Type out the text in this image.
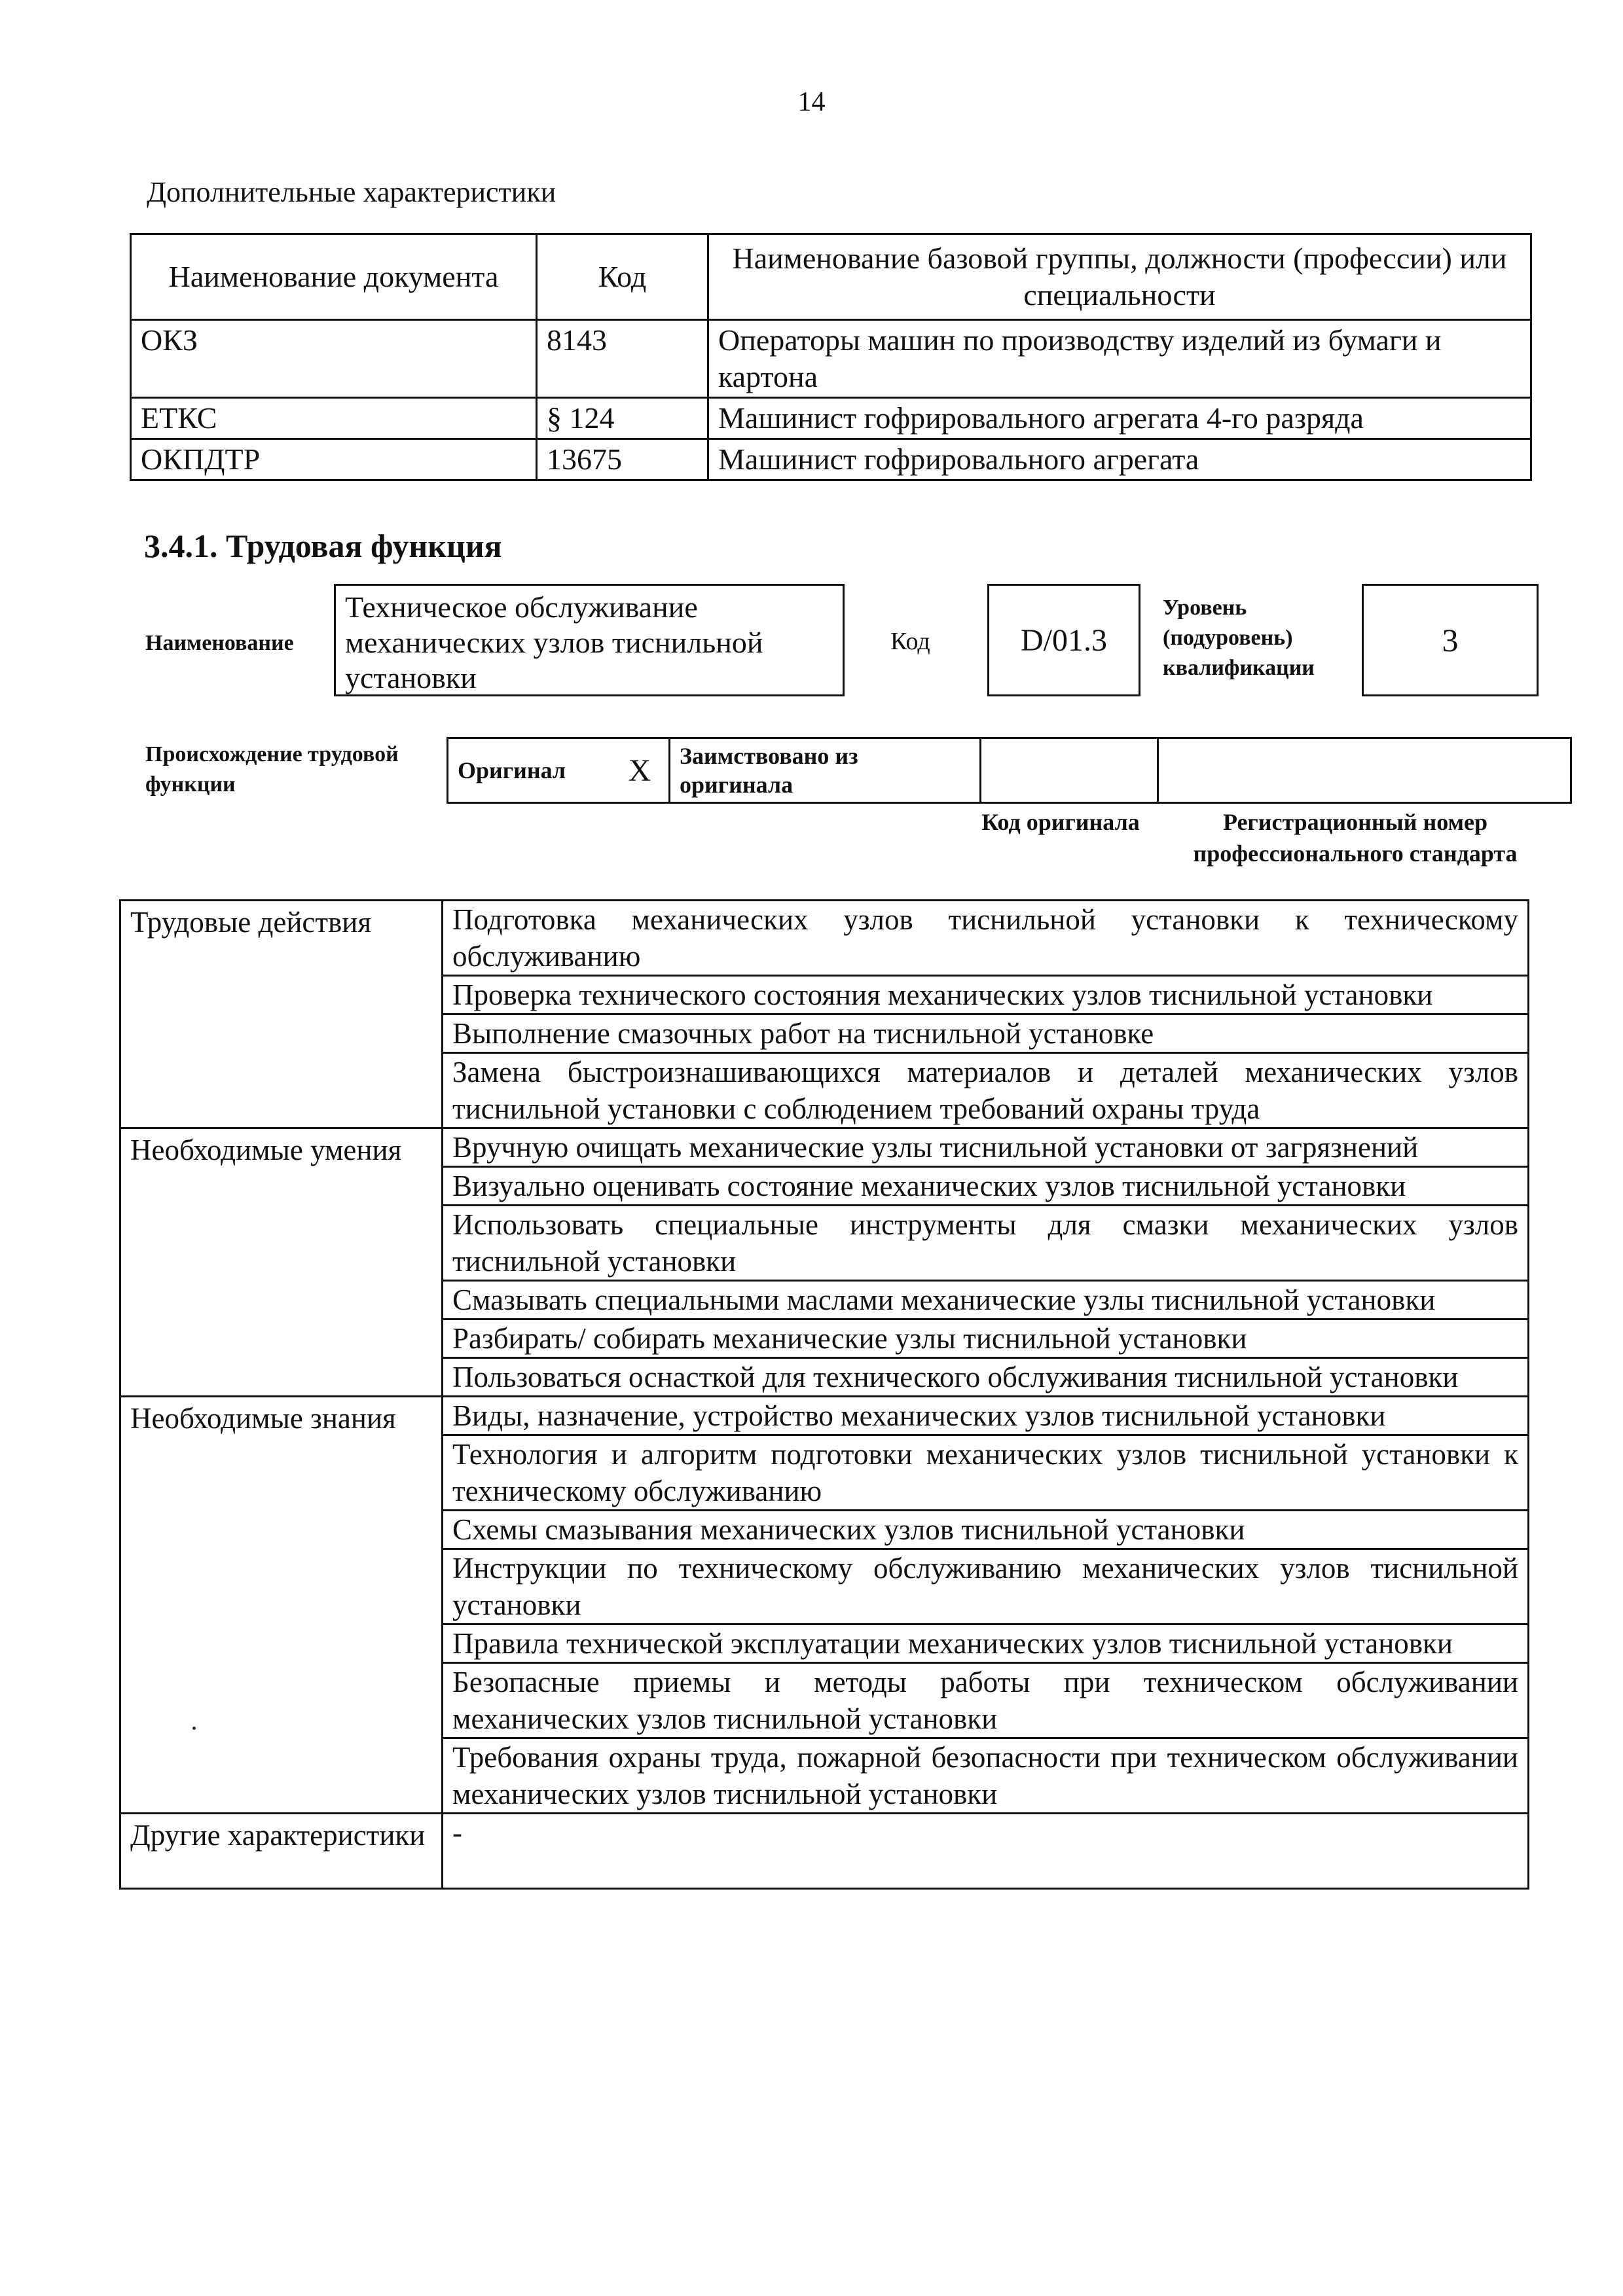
14
Дополнительные характеристики
Наименование документа	Код	Наименование базовой группы, должности (профессии) или специальности
ОКЗ	8143	Операторы машин по производству изделий из бумаги и картона
ЕТКС	§ 124	Машинист гофрировального агрегата 4-го разряда
ОКПДТР	13675	Машинист гофрировального агрегата
3.4.1. Трудовая функция
Наименование
Техническое обслуживание механических узлов тиснильной установки
Код	D/01.3
Уровень (подуровень) квалификации
3
Происхождение трудовой функции
Оригинал	X	Заимствовано из оригинала		
Код оригинала	Регистрационный номер профессионального стандарта
Трудовые действия	Подготовка механических узлов тиснильной установки к техническому обслуживанию
	Проверка технического состояния механических узлов тиснильной установки
	Выполнение смазочных работ на тиснильной установке
	Замена быстроизнашивающихся материалов и деталей механических узлов тиснильной установки с соблюдением требований охраны труда
Необходимые умения	Вручную очищать механические узлы тиснильной установки от загрязнений
	Визуально оценивать состояние механических узлов тиснильной установки
	Использовать специальные инструменты для смазки механических узлов тиснильной установки
	Смазывать специальными маслами механические узлы тиснильной установки
	Разбирать/ собирать механические узлы тиснильной установки
	Пользоваться оснасткой для технического обслуживания тиснильной установки
Необходимые знания	Виды, назначение, устройство механических узлов тиснильной установки
	Технология и алгоритм подготовки механических узлов тиснильной установки к техническому обслуживанию
	Схемы смазывания механических узлов тиснильной установки
	Инструкции по техническому обслуживанию механических узлов тиснильной установки
	Правила технической эксплуатации механических узлов тиснильной установки
	Безопасные приемы и методы работы при техническом обслуживании механических узлов тиснильной установки
	Требования охраны труда, пожарной безопасности при техническом обслуживании механических узлов тиснильной установки
Другие характеристики	-
